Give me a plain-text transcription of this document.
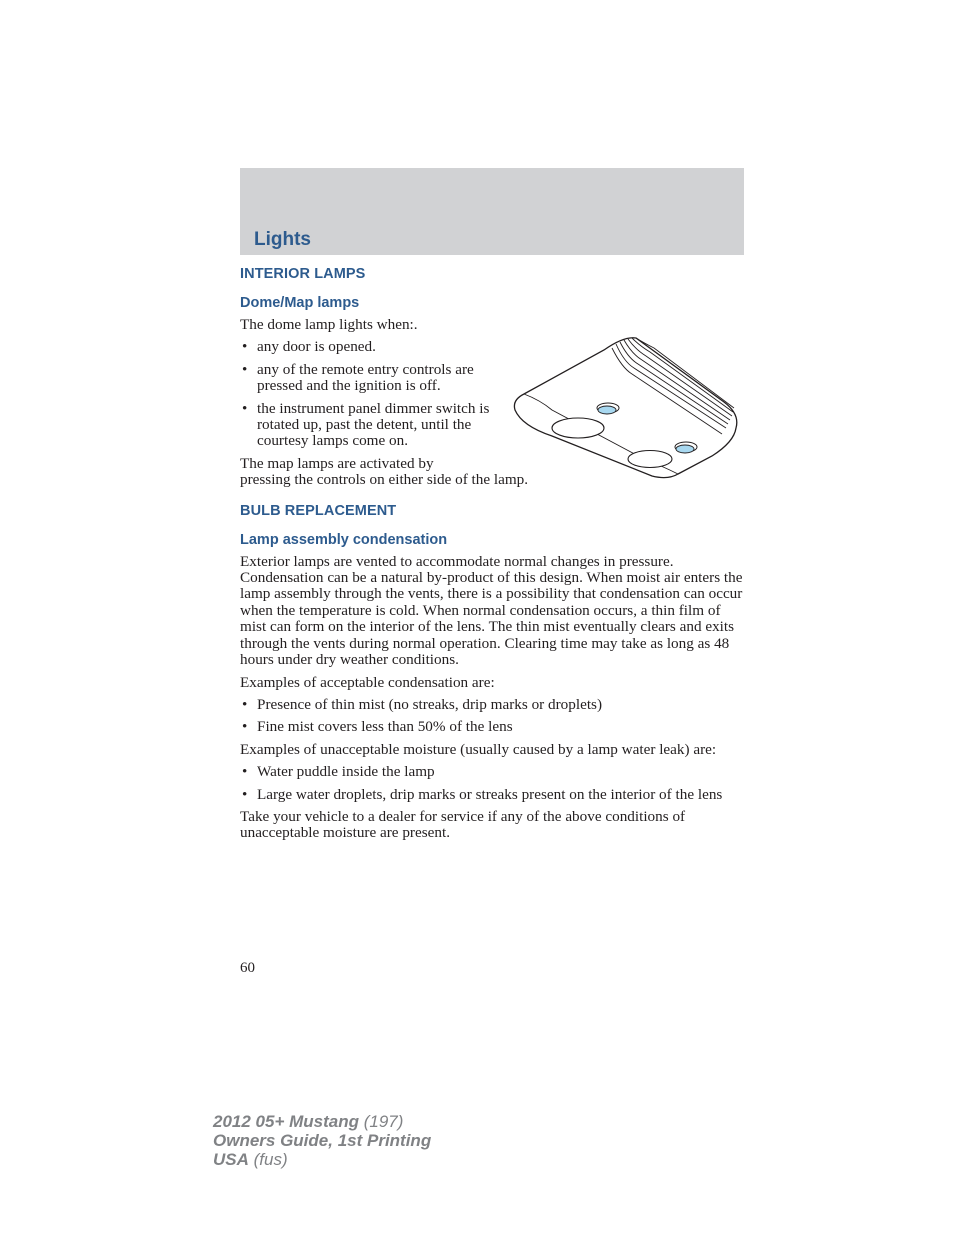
Lights
INTERIOR LAMPS
Dome/Map lamps

The dome lamp lights when:.

• any door is opened.
• any of the remote entry controls are pressed and the ignition is off.
• the instrument panel dimmer switch is rotated up, past the detent, until the courtesy lamps come on.

The map lamps are activated by
pressing the controls on either side of the lamp.

BULB REPLACEMENT
Lamp assembly condensation

Exterior lamps are vented to accommodate normal changes in pressure. Condensation can be a natural by-product of this design. When moist air enters the lamp assembly through the vents, there is a possibility that condensation can occur when the temperature is cold. When normal condensation occurs, a thin film of mist can form on the interior of the lens. The thin mist eventually clears and exits through the vents during normal operation. Clearing time may take as long as 48 hours under dry weather conditions.

Examples of acceptable condensation are:

• Presence of thin mist (no streaks, drip marks or droplets)
• Fine mist covers less than 50% of the lens

Examples of unacceptable moisture (usually caused by a lamp water leak) are:

• Water puddle inside the lamp
• Large water droplets, drip marks or streaks present on the interior of the lens

Take your vehicle to a dealer for service if any of the above conditions of unacceptable moisture are present.

60
2012 05+ Mustang (197)
Owners Guide, 1st Printing
USA (fus)
